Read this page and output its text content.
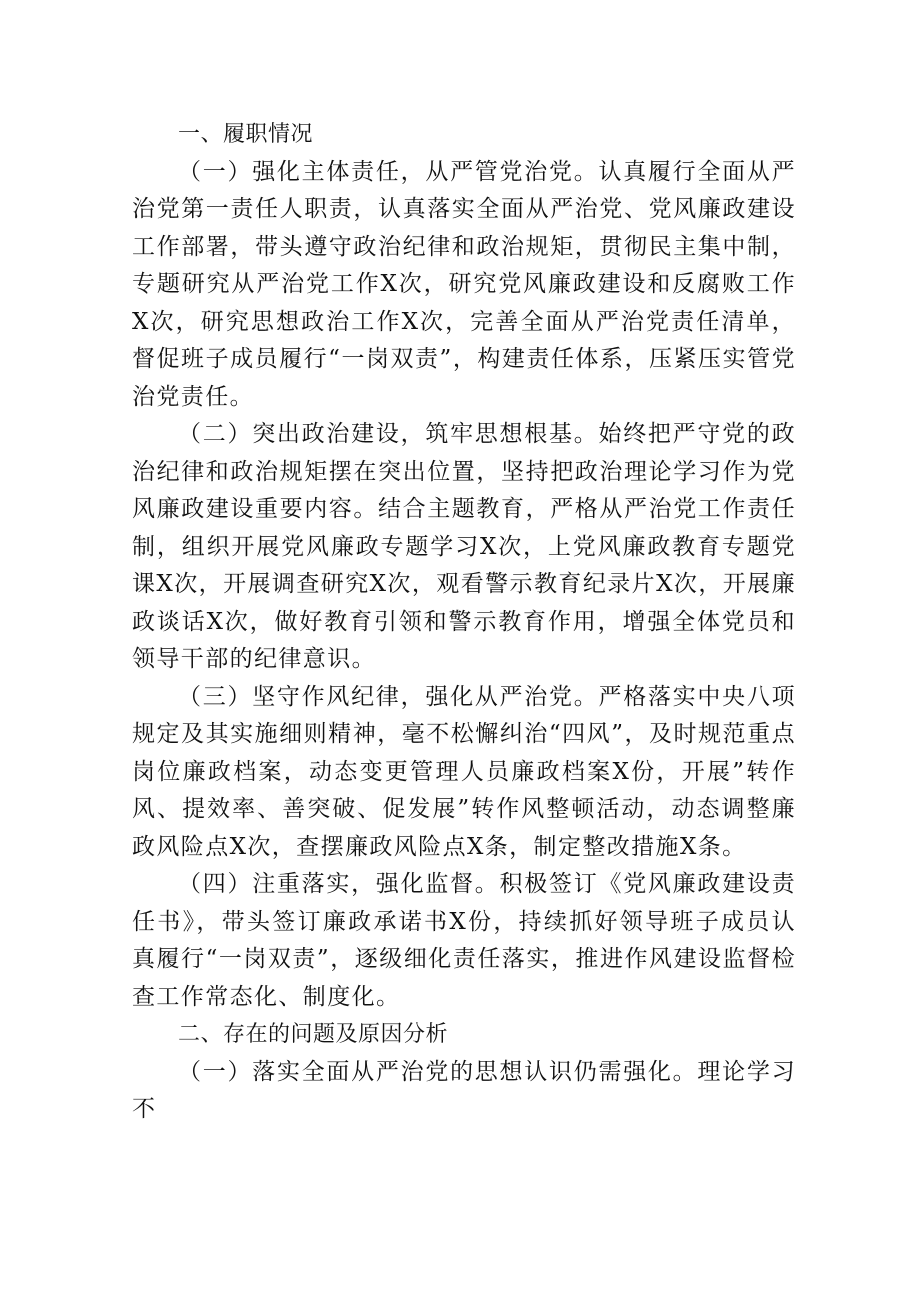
一、履职情况

（一）强化主体责任，从严管党治党。认真履行全面从严治党第一责任人职责，认真落实全面从严治党、党风廉政建设工作部署，带头遵守政治纪律和政治规矩，贯彻民主集中制，专题研究从严治党工作X次，研究党风廉政建设和反腐败工作X次，研究思想政治工作X次，完善全面从严治党责任清单，督促班子成员履行“一岗双责”，构建责任体系，压紧压实管党治党责任。

（二）突出政治建设，筑牢思想根基。始终把严守党的政治纪律和政治规矩摆在突出位置，坚持把政治理论学习作为党风廉政建设重要内容。结合主题教育，严格从严治党工作责任制，组织开展党风廉政专题学习X次，上党风廉政教育专题党课X次，开展调查研究X次，观看警示教育纪录片X次，开展廉政谈话X次，做好教育引领和警示教育作用，增强全体党员和领导干部的纪律意识。

（三）坚守作风纪律，强化从严治党。严格落实中央八项规定及其实施细则精神，毫不松懈纠治“四风”，及时规范重点岗位廉政档案，动态变更管理人员廉政档案X份，开展”转作风、提效率、善突破、促发展”转作风整顿活动，动态调整廉政风险点X次，查摆廉政风险点X条，制定整改措施X条。

（四）注重落实，强化监督。积极签订《党风廉政建设责任书》，带头签订廉政承诺书X份，持续抓好领导班子成员认真履行“一岗双责”，逐级细化责任落实，推进作风建设监督检查工作常态化、制度化。

二、存在的问题及原因分析

（一）落实全面从严治党的思想认识仍需强化。理论学习不
